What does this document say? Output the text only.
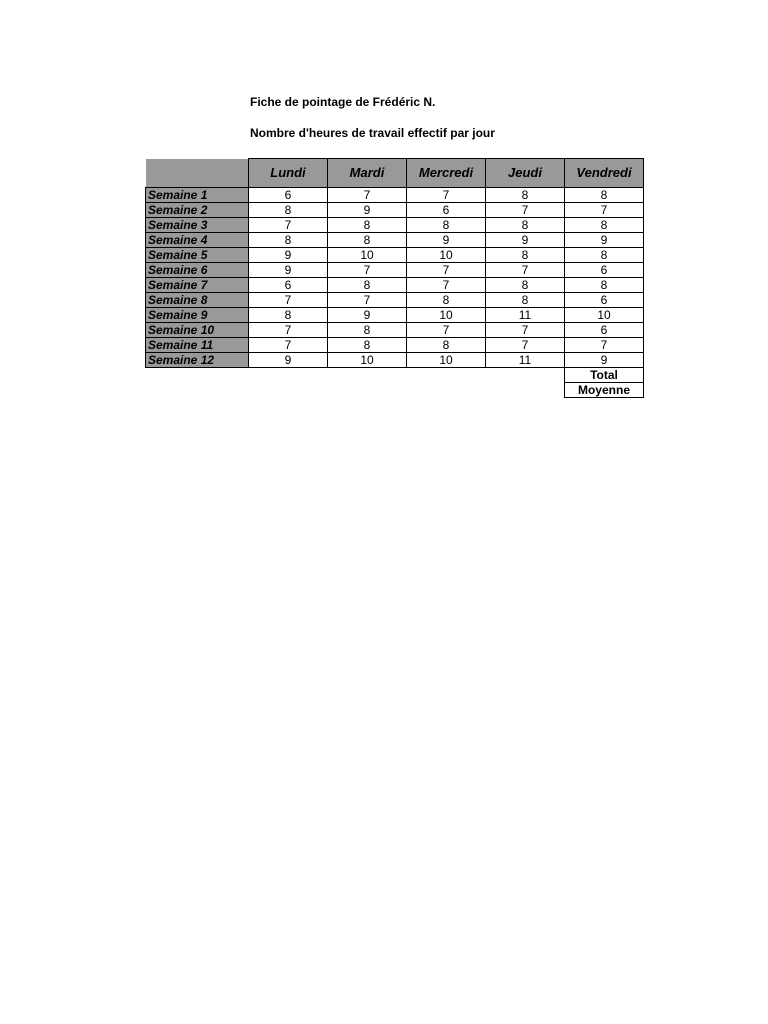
Fiche de pointage de Frédéric N.
Nombre d'heures de travail effectif par jour
	Lundi	Mardi	Mercredi	Jeudi	Vendredi
Semaine 1	6	7	7	8	8
Semaine 2	8	9	6	7	7
Semaine 3	7	8	8	8	8
Semaine 4	8	8	9	9	9
Semaine 5	9	10	10	8	8
Semaine 6	9	7	7	7	6
Semaine 7	6	8	7	8	8
Semaine 8	7	7	8	8	6
Semaine 9	8	9	10	11	10
Semaine 10	7	8	7	7	6
Semaine 11	7	8	8	7	7
Semaine 12	9	10	10	11	9
					Total
					Moyenne
